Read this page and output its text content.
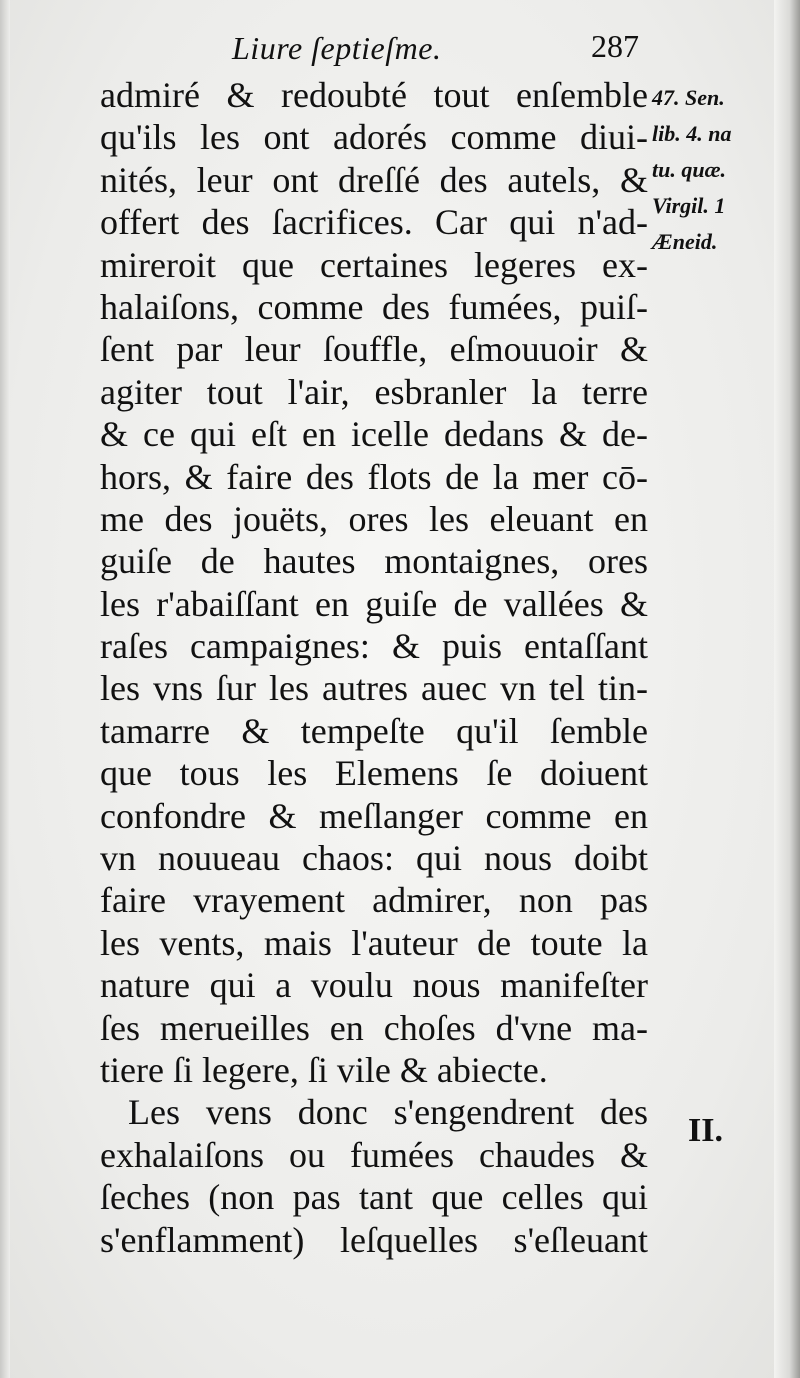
Liure ſeptieſme.	287
admiré & redoubté tout enſemble
qu'ils les ont adorés comme diui-
nités, leur ont dreſſé des autels, &
offert des ſacrifices. Car qui n'ad-
mireroit que certaines legeres ex-
halaiſons, comme des fumées, puiſ-
ſent par leur ſouffle, eſmouuoir &
agiter tout l'air, esbranler la terre
& ce qui eſt en icelle dedans & de-
hors, & faire des flots de la mer cō-
me des jouëts, ores les eleuant en
guiſe de hautes montaignes, ores
les r'abaiſſant en guiſe de vallées &
raſes campaignes: & puis entaſſant
les vns ſur les autres auec vn tel tin-
tamarre & tempeſte qu'il ſemble
que tous les Elemens ſe doiuent
confondre & meſlanger comme en
vn nouueau chaos: qui nous doibt
faire vrayement admirer, non pas
les vents, mais l'auteur de toute la
nature qui a voulu nous manifeſter
ſes merueilles en choſes d'vne ma-
tiere ſi legere, ſi vile & abiecte.
Les vens donc s'engendrent des
exhalaiſons ou fumées chaudes &
ſeches (non pas tant que celles qui
s'enflamment) leſquelles s'eſleuant
47. Sen.
lib. 4. na
tu. quæ.
Virgil. 1
Æneid.
II.
